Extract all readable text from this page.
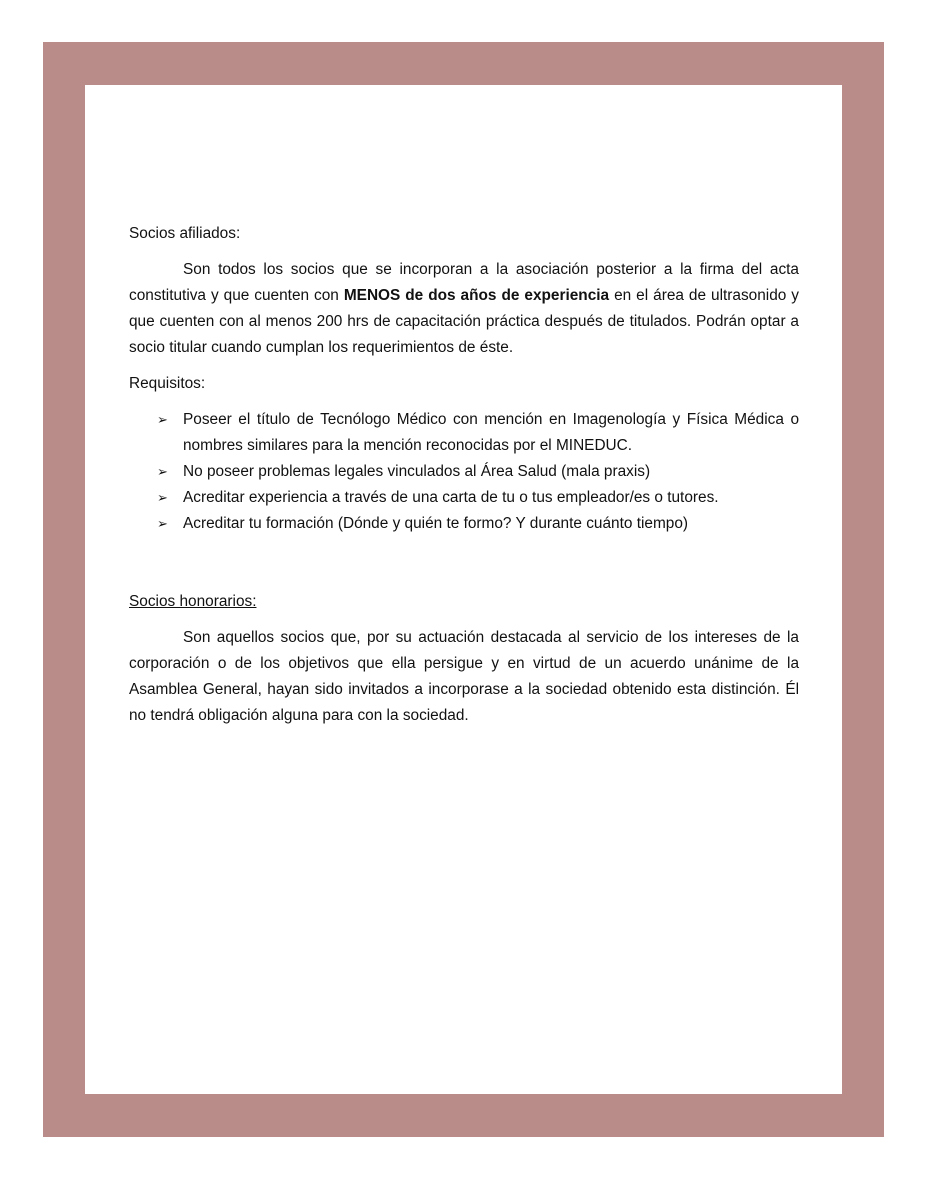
Socios afiliados:

Son todos los socios que se incorporan a la asociación posterior a la firma del acta constitutiva y que cuenten con MENOS de dos años de experiencia en el área de ultrasonido y que cuenten con al menos 200 hrs de capacitación práctica después de titulados. Podrán optar a socio titular cuando cumplan los requerimientos de éste.

Requisitos:
➢ Poseer el título de Tecnólogo Médico con mención en Imagenología y Física Médica o nombres similares para la mención reconocidas por el MINEDUC.
➢ No poseer problemas legales vinculados al Área Salud (mala praxis)
➢ Acreditar experiencia a través de una carta de tu o tus empleador/es o tutores.
➢ Acreditar tu formación (Dónde y quién te formo? Y durante cuánto tiempo)
Socios honorarios:

Son aquellos socios que, por su actuación destacada al servicio de los intereses de la corporación o de los objetivos que ella persigue y en virtud de un acuerdo unánime de la Asamblea General, hayan sido invitados a incorporase a la sociedad obtenido esta distinción. Él no tendrá obligación alguna para con la sociedad.
